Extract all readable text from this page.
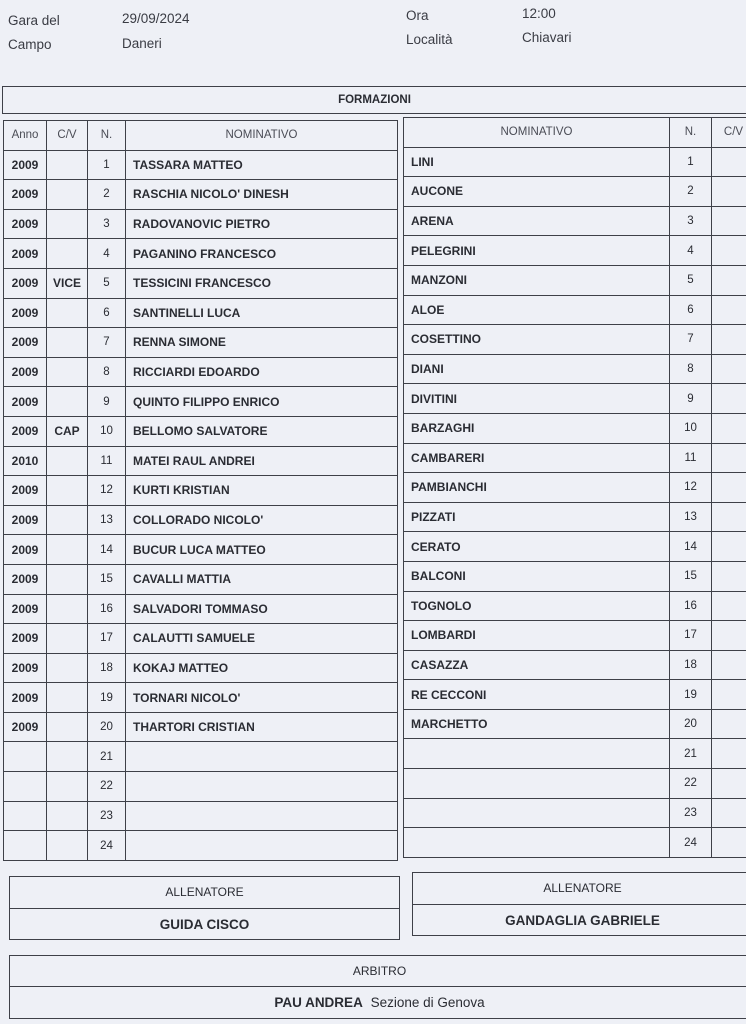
Gara del	29/09/2024
Campo	Daneri
Ora	12:00
Località	Chiavari
FORMAZIONI
Anno	C/V	N.	NOMINATIVO
2009		1	TASSARA MATTEO
2009		2	RASCHIA NICOLO' DINESH
2009		3	RADOVANOVIC PIETRO
2009		4	PAGANINO FRANCESCO
2009	VICE	5	TESSICINI FRANCESCO
2009		6	SANTINELLI LUCA
2009		7	RENNA SIMONE
2009		8	RICCIARDI EDOARDO
2009		9	QUINTO FILIPPO ENRICO
2009	CAP	10	BELLOMO SALVATORE
2010		11	MATEI RAUL ANDREI
2009		12	KURTI KRISTIAN
2009		13	COLLORADO NICOLO'
2009		14	BUCUR LUCA MATTEO
2009		15	CAVALLI MATTIA
2009		16	SALVADORI TOMMASO
2009		17	CALAUTTI SAMUELE
2009		18	KOKAJ MATTEO
2009		19	TORNARI NICOLO'
2009		20	THARTORI CRISTIAN
		21	
		22	
		23	
		24	
NOMINATIVO	N.	C/V
LINI	1	
AUCONE	2	
ARENA	3	
PELEGRINI	4	
MANZONI	5	
ALOE	6	
COSETTINO	7	
DIANI	8	
DIVITINI	9	
BARZAGHI	10	
CAMBARERI	11	
PAMBIANCHI	12	
PIZZATI	13	
CERATO	14	
BALCONI	15	
TOGNOLO	16	
LOMBARDI	17	
CASAZZA	18	
RE CECCONI	19	
MARCHETTO	20	
	21	
	22	
	23	
	24	
ALLENATORE
GUIDA CISCO
ALLENATORE
GANDAGLIA GABRIELE
ARBITRO
PAU ANDREA Sezione di Genova
